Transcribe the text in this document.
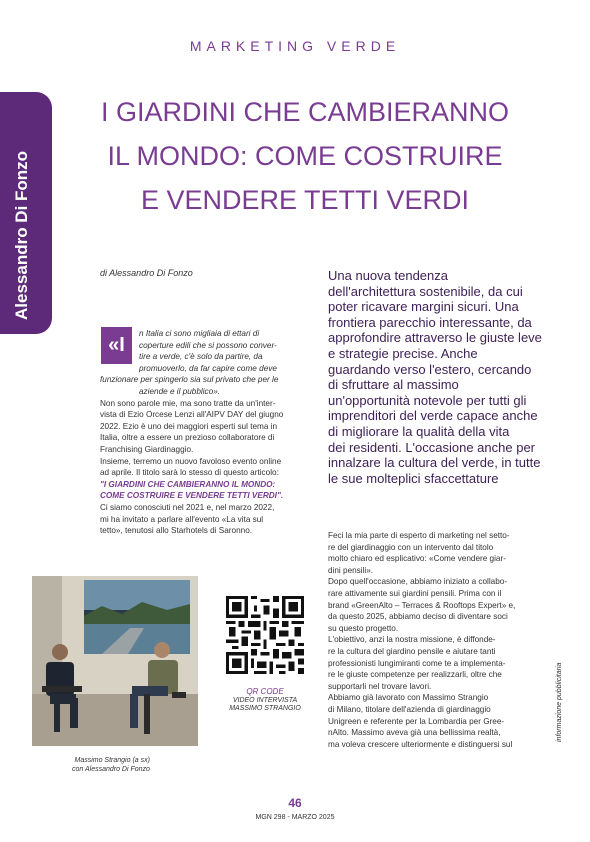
Alessandro Di Fonzo
MARKETING VERDE
I GIARDINI CHE CAMBIERANNO
IL MONDO: COME COSTRUIRE
E VENDERE TETTI VERDI
di Alessandro Di Fonzo	Una nuova tendenza
dell'architettura sostenibile, da cui
poter ricavare margini sicuri. Una
frontiera parecchio interessante, da
approfondire attraverso le giuste leve
e strategie precise. Anche
guardando verso l'estero, cercando
di sfruttare al massimo
un'opportunità notevole per tutti gli
imprenditori del verde capace anche
di migliorare la qualità della vita
dei residenti. L'occasione anche per
innalzare la cultura del verde, in tutte
le sue molteplici sfaccettature
«I
n Italia ci sono migliaia di ettari di
coperture edili che si possono conver-
tire a verde, c'è solo da partire, da
promuoverlo, da far capire come deve
funzionare per spingerlo sia sul privato che per le
aziende e il pubblico».
Non sono parole mie, ma sono tratte da un'inter-
vista di Ezio Orcese Lenzi all'AIPV DAY del giugno
2022. Ezio è uno dei maggiori esperti sul tema in
Italia, oltre a essere un prezioso collaboratore di
Franchising Giardinaggio.
Insieme, terremo un nuovo favoloso evento online
ad aprile. Il titolo sarà lo stesso di questo articolo:
"I GIARDINI CHE CAMBIERANNO IL MONDO:
COME COSTRUIRE E VENDERE TETTI VERDI".
Ci siamo conosciuti nel 2021 e, nel marzo 2022,
mi ha invitato a parlare all'evento «La vita sul
tetto», tenutosi allo Starhotels di Saronno.
Feci la mia parte di esperto di marketing nel setto-
re del giardinaggio con un intervento dal titolo
molto chiaro ed esplicativo: «Come vendere giar-
dini pensili».
Dopo quell'occasione, abbiamo iniziato a collabo-
rare attivamente sui giardini pensili. Prima con il
brand «GreenAlto – Terraces & Rooftops Expert» e,
da questo 2025, abbiamo deciso di diventare soci
su questo progetto.
L'obiettivo, anzi la nostra missione, è diffonde-
re la cultura del giardino pensile e aiutare tanti
professionisti lungimiranti come te a implementa-
re le giuste competenze per realizzarli, oltre che
supportarli nel trovare lavori.
Abbiamo già lavorato con Massimo Strangio
di Milano, titolare dell'azienda di giardinaggio
Unigreen e referente per la Lombardia per Gree-
nAlto. Massimo aveva già una bellissima realtà,
ma voleva crescere ulteriormente e distinguersi sul
Massimo Strangio (a sx)
con Alessandro Di Fonzo
QR CODE
VIDEO INTERVISTA
MASSIMO STRANGIO	informazione pubblicitaria
46
MGN 298 - MARZO 2025
